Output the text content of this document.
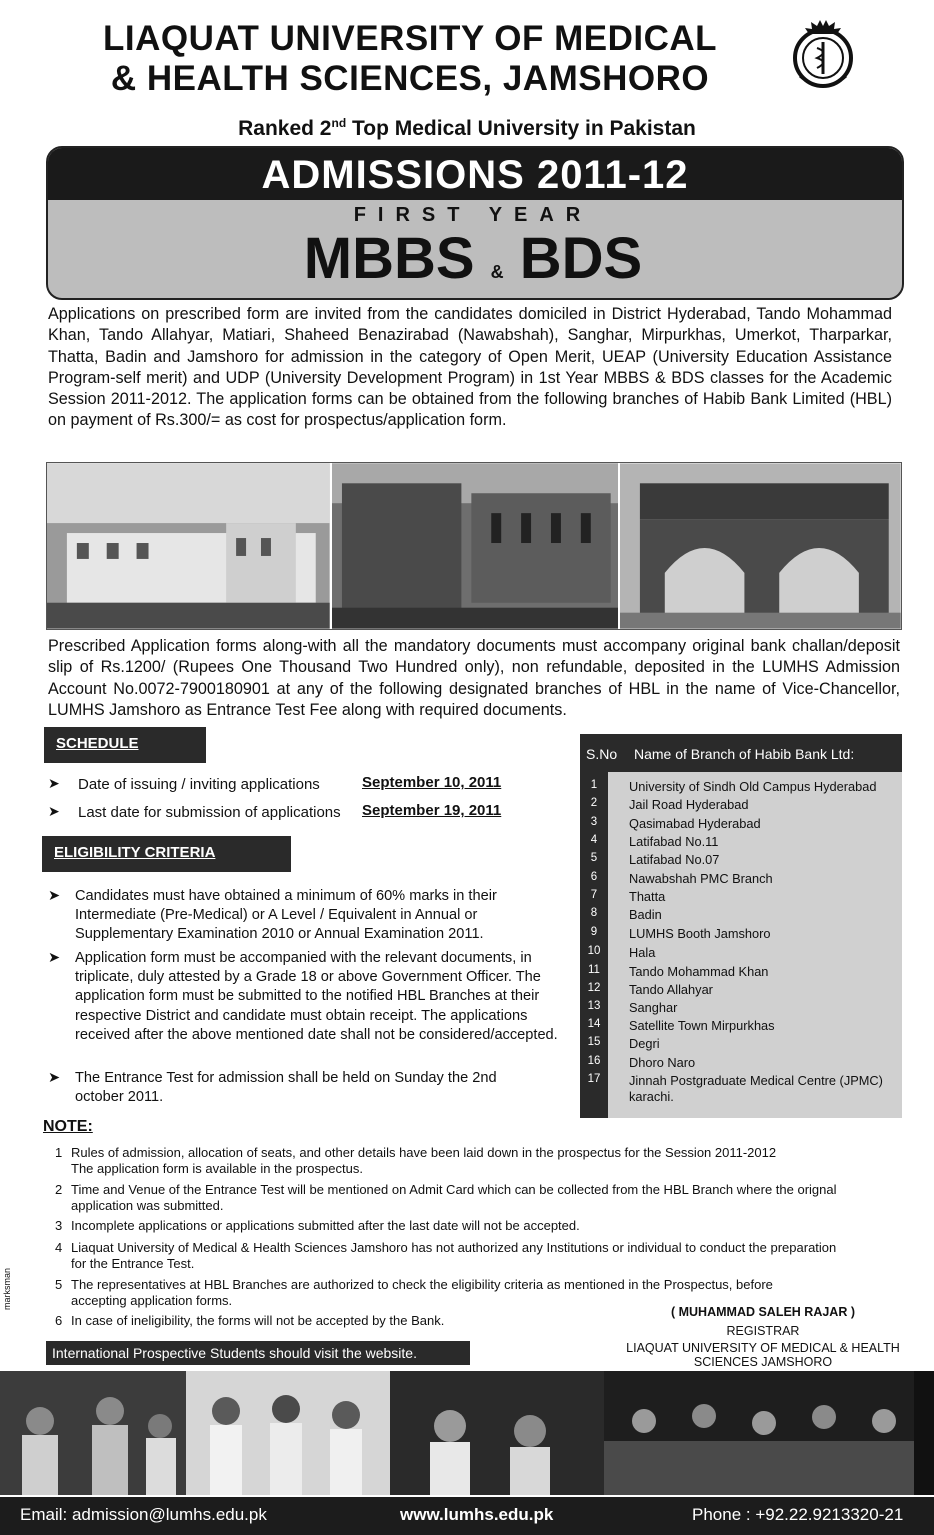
LIAQUAT UNIVERSITY OF MEDICAL
& HEALTH SCIENCES, JAMSHORO
Ranked 2nd Top Medical University in Pakistan
ADMISSIONS 2011-12
FIRST YEAR
MBBS & BDS
Applications on prescribed form are invited from the candidates domiciled in District Hyderabad, Tando Mohammad Khan, Tando Allahyar, Matiari, Shaheed Benazirabad (Nawabshah), Sanghar, Mirpurkhas, Umerkot, Tharparkar, Thatta, Badin and Jamshoro for admission in the category of Open Merit, UEAP (University Education Assistance Program-self merit) and UDP (University Development Program) in 1st Year MBBS & BDS classes for the Academic Session 2011-2012. The application forms can be obtained from the following branches of Habib Bank Limited (HBL) on payment of Rs.300/= as cost for prospectus/application form.
Prescribed Application forms along-with all the mandatory documents must accompany original bank challan/deposit slip of Rs.1200/ (Rupees One Thousand Two Hundred only), non refundable, deposited in the LUMHS Admission Account No.0072-7900180901 at any of the following designated branches of HBL in the name of Vice-Chancellor, LUMHS Jamshoro as Entrance Test Fee along with required documents.
SCHEDULE
➤ Date of issuing / inviting applications	September 10, 2011
➤ Last date for submission of applications September 19, 2011
ELIGIBILITY CRITERIA
➤ Candidates must have obtained a minimum of 60% marks in their Intermediate (Pre-Medical) or A Level / Equivalent in Annual or Supplementary Examination 2010 or Annual Examination 2011.
➤ Application form must be accompanied with the relevant documents, in triplicate, duly attested by a Grade 18 or above Government Officer. The application form must be submitted to the notified HBL Branches at their respective District and candidate must obtain receipt. The applications received after the above mentioned date shall not be considered/accepted.
➤ The Entrance Test for admission shall be held on Sunday the 2nd october 2011.
S.No Name of Branch of Habib Bank Ltd:
1	University of Sindh Old Campus Hyderabad
2	Jail Road Hyderabad
3	Qasimabad Hyderabad
4	Latifabad No.11
5	Latifabad No.07
6	Nawabshah PMC Branch
7	Thatta
8	Badin
9	LUMHS Booth Jamshoro
10	Hala
11	Tando Mohammad Khan
12	Tando Allahyar
13	Sanghar
14	Satellite Town Mirpurkhas
15	Degri
16	Dhoro Naro
17	Jinnah Postgraduate Medical Centre (JPMC)
karachi.
NOTE:
1 Rules of admission, allocation of seats, and other details have been laid down in the prospectus for the Session 2011-2012
The application form is available in the prospectus.
2 Time and Venue of the Entrance Test will be mentioned on Admit Card which can be collected from the HBL Branch where the orignal
application was submitted.
3 Incomplete applications or applications submitted after the last date will not be accepted.
4 Liaquat University of Medical & Health Sciences Jamshoro has not authorized any Institutions or individual to conduct the preparation
for the Entrance Test.
5 The representatives at HBL Branches are authorized to check the eligibility criteria as mentioned in the Prospectus, before
accepting application forms.
6 In case of ineligibility, the forms will not be accepted by the Bank.
( MUHAMMAD SALEH RAJAR )
REGISTRAR
LIAQUAT UNIVERSITY OF MEDICAL & HEALTH
SCIENCES JAMSHORO
International Prospective Students should visit the website.
marksman
Email: admission@lumhs.edu.pk	www.lumhs.edu.pk	Phone : +92.22.9213320-21
